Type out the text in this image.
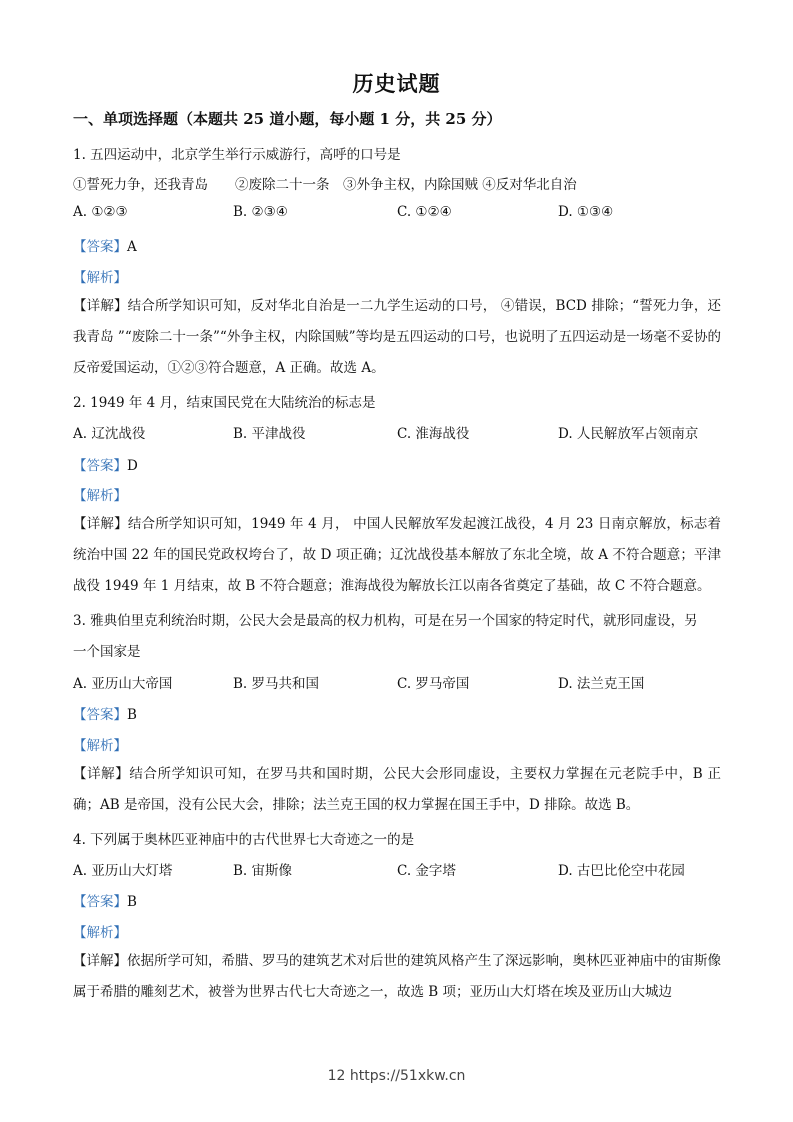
历史试题
一、单项选择题（本题共 25 道小题，每小题 1 分，共 25 分）
1. 五四运动中，北京学生举行示威游行，高呼的口号是
①誓死力争，还我青岛　　②废除二十一条　③外争主权，内除国贼 ④反对华北自治
A. ①②③	B. ②③④	C. ①②④	D. ①③④
【答案】A
【解析】
【详解】结合所学知识可知，反对华北自治是一二九学生运动的口号， ④错误，BCD 排除；“誓死力争，还我青岛 ”“废除二十一条”“外争主权，内除国贼”等均是五四运动的口号，也说明了五四运动是一场毫不妥协的反帝爱国运动，①②③符合题意，A 正确。故选 A。
2. 1949 年 4 月，结束国民党在大陆统治的标志是
A. 辽沈战役	B. 平津战役	C. 淮海战役	D. 人民解放军占领南京
【答案】D
【解析】
【详解】结合所学知识可知，1949 年 4 月， 中国人民解放军发起渡江战役，4 月 23 日南京解放，标志着统治中国 22 年的国民党政权垮台了，故 D 项正确；辽沈战役基本解放了东北全境，故 A 不符合题意；平津战役 1949 年 1 月结束，故 B 不符合题意；淮海战役为解放长江以南各省奠定了基础，故 C 不符合题意。
3. 雅典伯里克利统治时期，公民大会是最高的权力机构，可是在另一个国家的特定时代，就形同虚设，另
一个国家是
A. 亚历山大帝国	B. 罗马共和国	C. 罗马帝国	D. 法兰克王国
【答案】B
【解析】
【详解】结合所学知识可知，在罗马共和国时期，公民大会形同虚设，主要权力掌握在元老院手中，B 正确；AB 是帝国，没有公民大会，排除；法兰克王国的权力掌握在国王手中，D 排除。故选 B。
4. 下列属于奥林匹亚神庙中的古代世界七大奇迹之一的是
A. 亚历山大灯塔	B. 宙斯像	C. 金字塔	D. 古巴比伦空中花园
【答案】B
【解析】
【详解】依据所学可知，希腊、罗马的建筑艺术对后世的建筑风格产生了深远影响，奥林匹亚神庙中的宙斯像属于希腊的雕刻艺术，被誉为世界古代七大奇迹之一，故选 B 项；亚历山大灯塔在埃及亚历山大城边
12 https://51xkw.cn
